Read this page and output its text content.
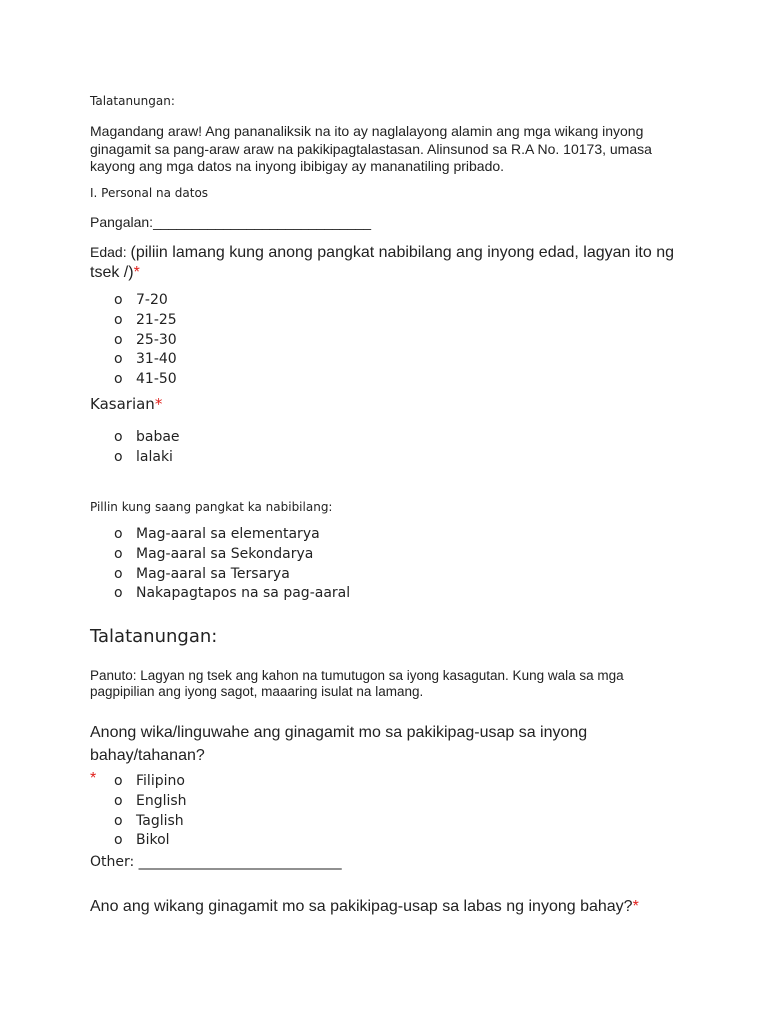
Talatanungan:
Magandang araw! Ang pananaliksik na ito ay naglalayong alamin ang mga wikang inyong ginagamit sa pang-araw araw na pakikipagtalastasan. Alinsunod sa R.A No. 10173, umasa kayong ang mga datos na inyong ibibigay ay mananatiling pribado.
I. Personal na datos
Pangalan:____________________________
Edad: (piliin lamang kung anong pangkat nabibilang ang inyong edad, lagyan ito ng tsek /)*
o 7-20
o 21-25
o 25-30
o 31-40
o 41-50
Kasarian*
o babae
o lalaki
Pillin kung saang pangkat ka nabibilang:
o Mag-aaral sa elementarya
o Mag-aaral sa Sekondarya
o Mag-aaral sa Tersarya
o Nakapagtapos na sa pag-aaral
Talatanungan:
Panuto: Lagyan ng tsek ang kahon na tumutugon sa iyong kasagutan. Kung wala sa mga pagpipilian ang iyong sagot, maaaring isulat na lamang.
Anong wika/linguwahe ang ginagamit mo sa pakikipag-usap sa inyong bahay/tahanan?
*	o Filipino
o English
o Taglish
o Bikol
Other: _____________________________
Ano ang wikang ginagamit mo sa pakikipag-usap sa labas ng inyong bahay?*
